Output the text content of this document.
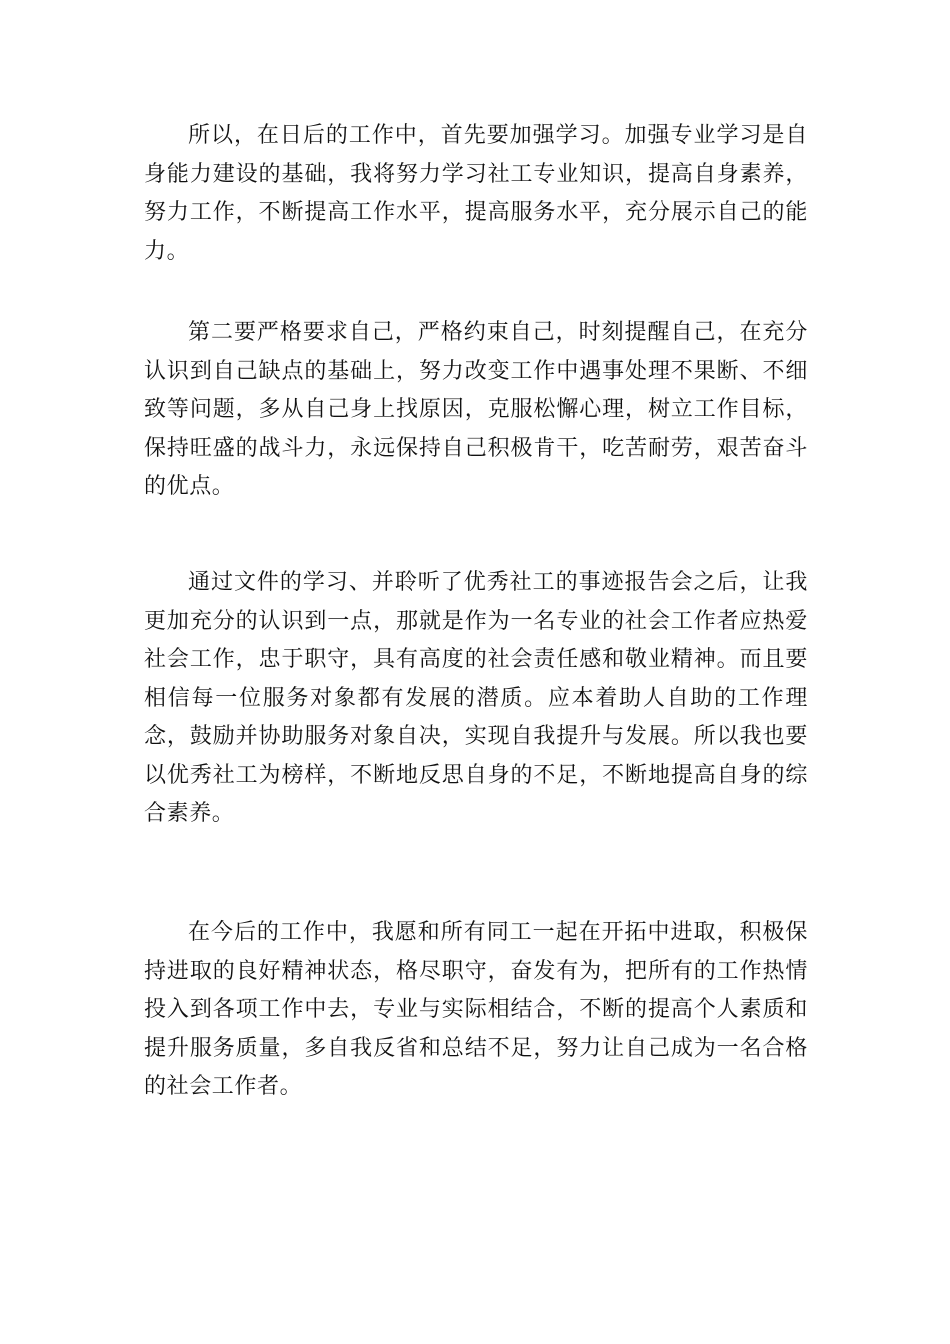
所以，在日后的工作中，首先要加强学习。加强专业学习是自身能力建设的基础，我将努力学习社工专业知识，提高自身素养，努力工作，不断提高工作水平，提高服务水平，充分展示自己的能力。

第二要严格要求自己，严格约束自己，时刻提醒自己，在充分认识到自己缺点的基础上，努力改变工作中遇事处理不果断、不细致等问题，多从自己身上找原因，克服松懈心理，树立工作目标，保持旺盛的战斗力，永远保持自己积极肯干，吃苦耐劳，艰苦奋斗的优点。

通过文件的学习、并聆听了优秀社工的事迹报告会之后，让我更加充分的认识到一点，那就是作为一名专业的社会工作者应热爱社会工作，忠于职守，具有高度的社会责任感和敬业精神。而且要相信每一位服务对象都有发展的潜质。应本着助人自助的工作理念，鼓励并协助服务对象自决，实现自我提升与发展。所以我也要以优秀社工为榜样，不断地反思自身的不足，不断地提高自身的综合素养。

在今后的工作中，我愿和所有同工一起在开拓中进取，积极保持进取的良好精神状态，格尽职守，奋发有为，把所有的工作热情投入到各项工作中去，专业与实际相结合，不断的提高个人素质和提升服务质量，多自我反省和总结不足，努力让自己成为一名合格的社会工作者。
